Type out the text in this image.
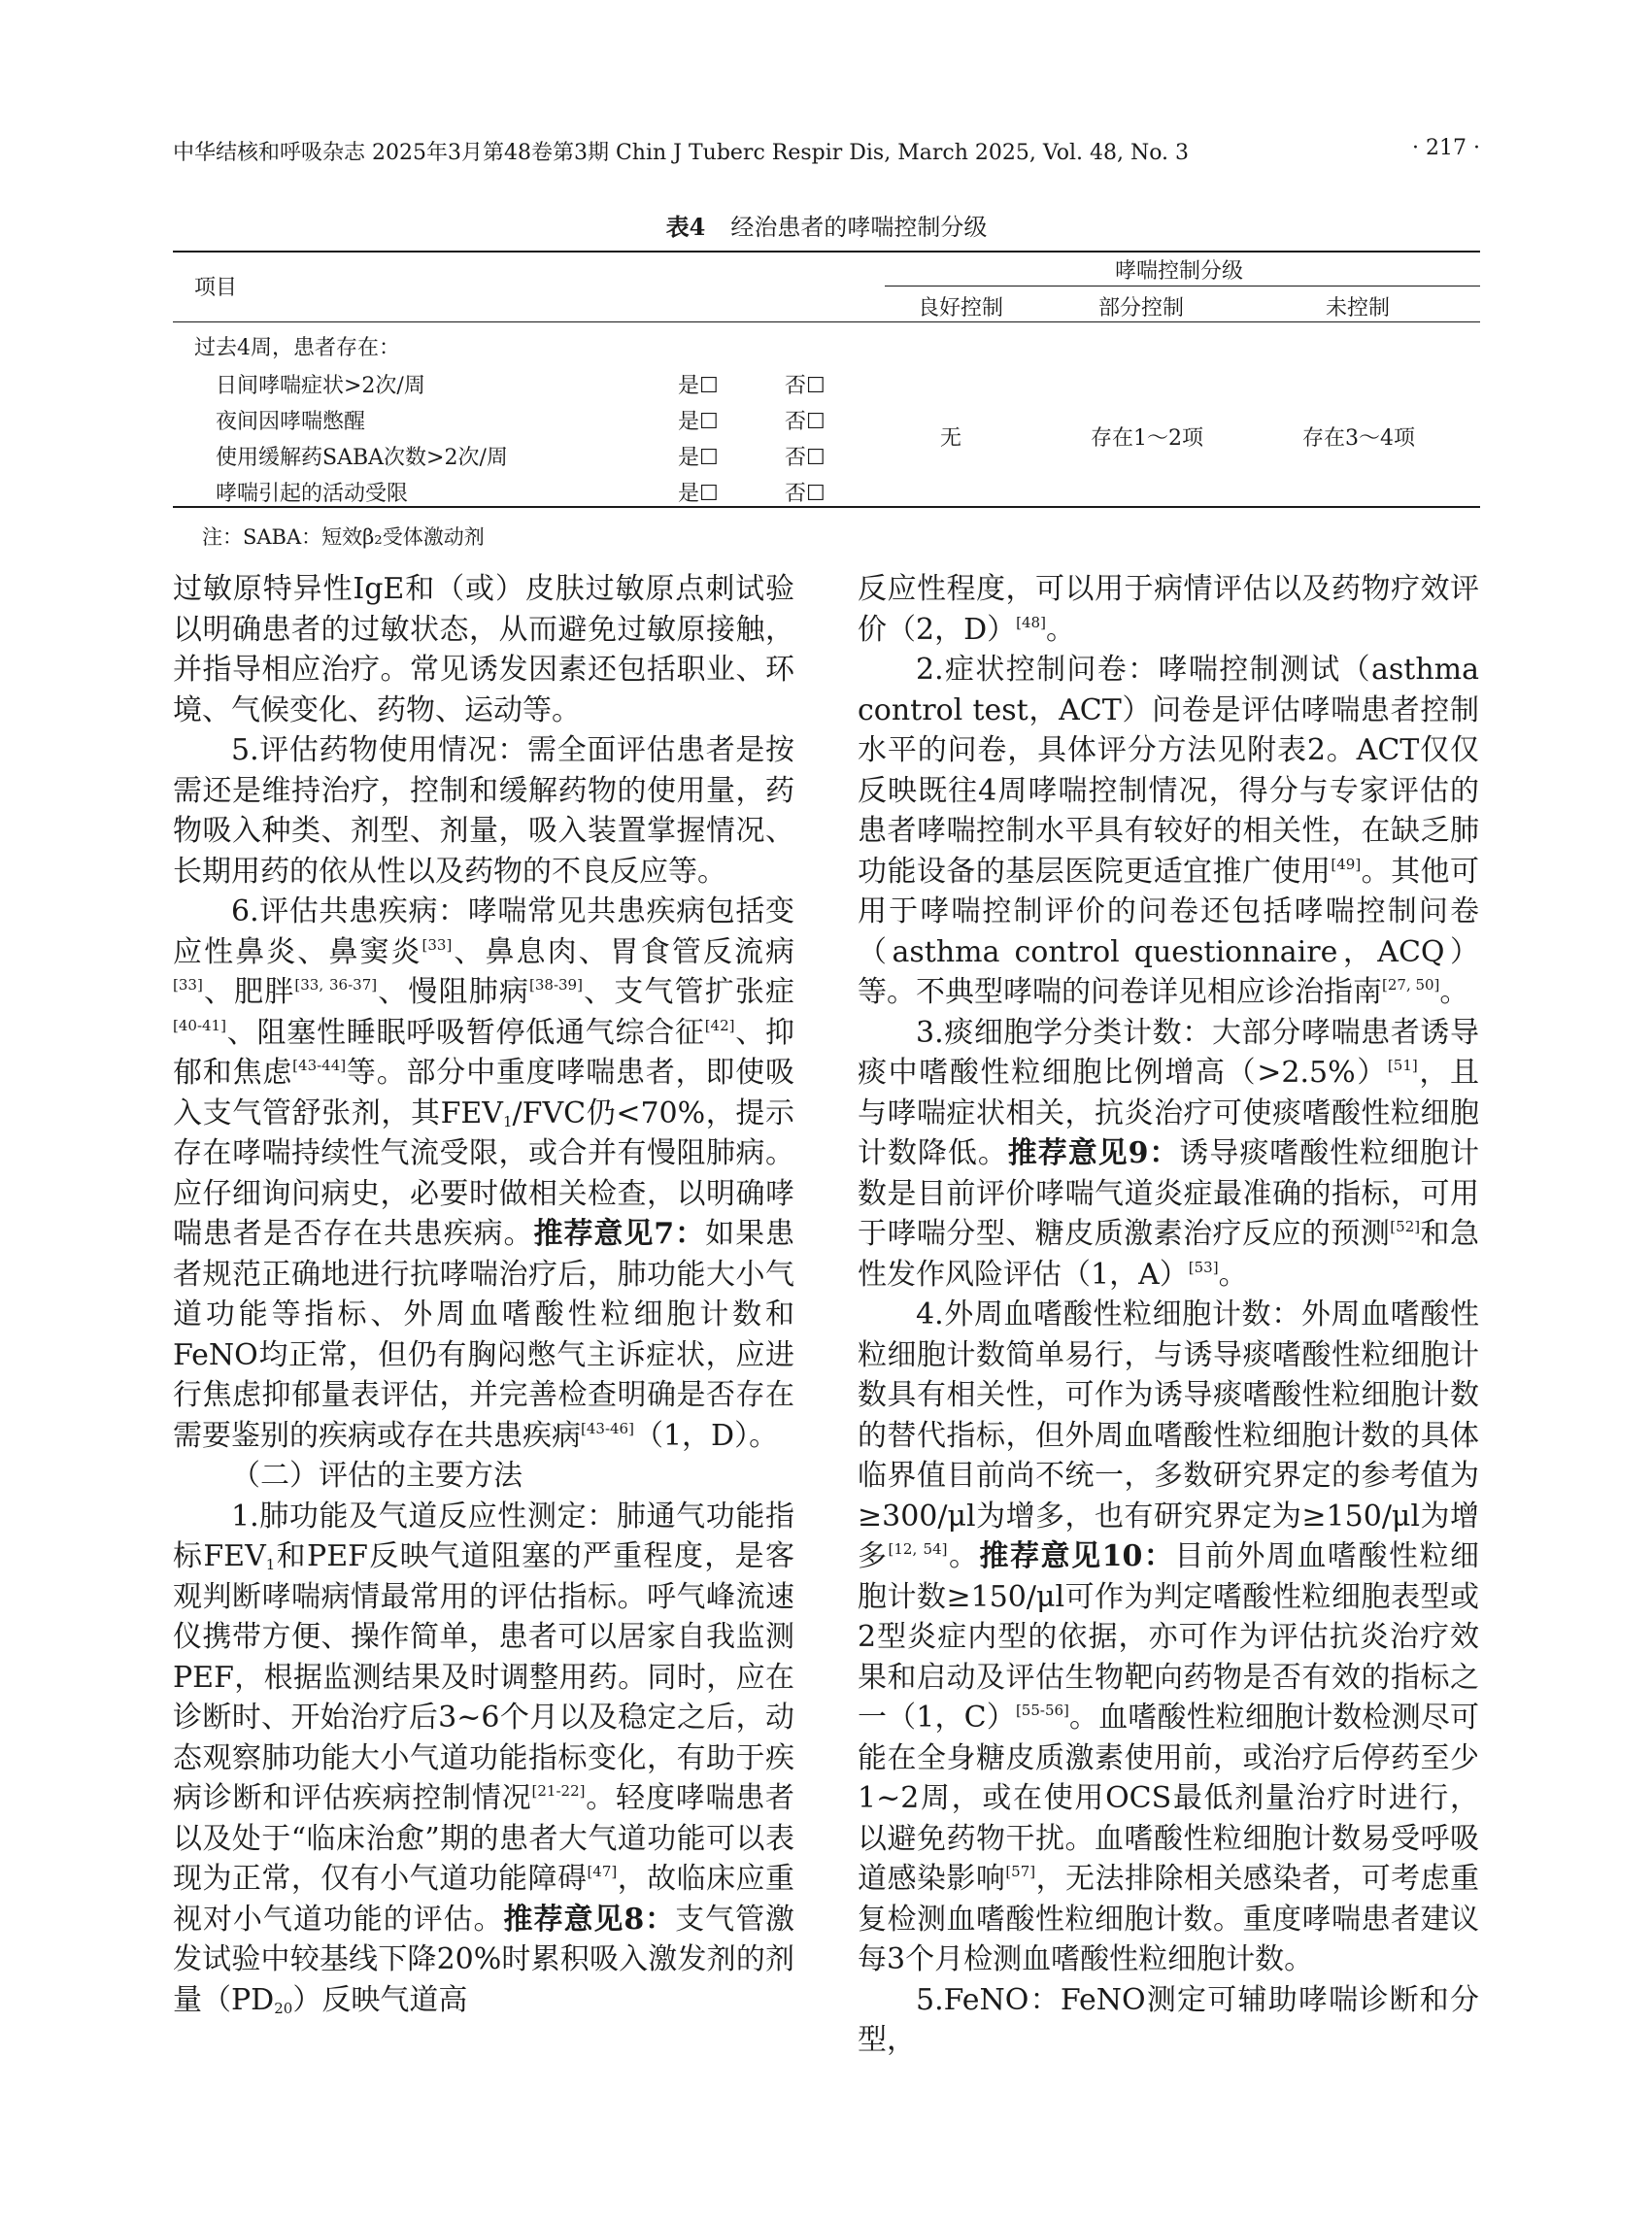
中华结核和呼吸杂志 2025年3月第48卷第3期 Chin J Tuberc Respir Dis, March 2025, Vol. 48, No. 3	· 217 ·
表4 经治患者的哮喘控制分级
项目
哮喘控制分级
良好控制	部分控制	未控制
过去4周，患者存在：
日间哮喘症状>2次/周	是☐	否☐
夜间因哮喘憋醒	是☐	否☐
使用缓解药SABA次数>2次/周	是☐	否☐
哮喘引起的活动受限	是☐	否☐
无	存在1～2项	存在3～4项
注：SABA：短效β₂受体激动剂

过敏原特异性IgE和（或）皮肤过敏原点刺试验以明确患者的过敏状态，从而避免过敏原接触，并指导相应治疗。常见诱发因素还包括职业、环境、气候变化、药物、运动等。

5.评估药物使用情况：需全面评估患者是按需还是维持治疗，控制和缓解药物的使用量，药物吸入种类、剂型、剂量，吸入装置掌握情况、长期用药的依从性以及药物的不良反应等。

6.评估共患疾病：哮喘常见共患疾病包括变应性鼻炎、鼻窦炎[33]、鼻息肉、胃食管反流病[33]、肥胖[33, 36-37]、慢阻肺病[38-39]、支气管扩张症[40-41]、阻塞性睡眠呼吸暂停低通气综合征[42]、抑郁和焦虑[43-44]等。部分中重度哮喘患者，即使吸入支气管舒张剂，其$FEV_1$/FVC仍<70%，提示存在哮喘持续性气流受限，或合并有慢阻肺病。应仔细询问病史，必要时做相关检查，以明确哮喘患者是否存在共患疾病。推荐意见7：如果患者规范正确地进行抗哮喘治疗后，肺功能大小气道功能等指标、外周血嗜酸性粒细胞计数和FeNO均正常，但仍有胸闷憋气主诉症状，应进行焦虑抑郁量表评估，并完善检查明确是否存在需要鉴别的疾病或存在共患疾病[43-46]（1，D）。

（二）评估的主要方法

1.肺功能及气道反应性测定：肺通气功能指标$FEV_1$和PEF反映气道阻塞的严重程度，是客观判断哮喘病情最常用的评估指标。呼气峰流速仪携带方便、操作简单，患者可以居家自我监测PEF，根据监测结果及时调整用药。同时，应在诊断时、开始治疗后3~6个月以及稳定之后，动态观察肺功能大小气道功能指标变化，有助于疾病诊断和评估疾病控制情况[21-22]。轻度哮喘患者以及处于“临床治愈”期的患者大气道功能可以表现为正常，仅有小气道功能障碍[47]，故临床应重视对小气道功能的评估。推荐意见8：支气管激发试验中较基线下降20%时累积吸入激发剂的剂量$(PD_{20})$反映气道高

反应性程度，可以用于病情评估以及药物疗效评价（2，D）[48]。

2.症状控制问卷：哮喘控制测试（asthma control test，ACT）问卷是评估哮喘患者控制水平的问卷，具体评分方法见附表2。ACT仅仅反映既往4周哮喘控制情况，得分与专家评估的患者哮喘控制水平具有较好的相关性，在缺乏肺功能设备的基层医院更适宜推广使用[49]。其他可用于哮喘控制评价的问卷还包括哮喘控制问卷（asthma control questionnaire，ACQ）等。不典型哮喘的问卷详见相应诊治指南[27, 50]。

3.痰细胞学分类计数：大部分哮喘患者诱导痰中嗜酸性粒细胞比例增高（>2.5%）[51]，且与哮喘症状相关，抗炎治疗可使痰嗜酸性粒细胞计数降低。推荐意见9：诱导痰嗜酸性粒细胞计数是目前评价哮喘气道炎症最准确的指标，可用于哮喘分型、糖皮质激素治疗反应的预测[52]和急性发作风险评估（1，A）[53]。

4.外周血嗜酸性粒细胞计数：外周血嗜酸性粒细胞计数简单易行，与诱导痰嗜酸性粒细胞计数具有相关性，可作为诱导痰嗜酸性粒细胞计数的替代指标，但外周血嗜酸性粒细胞计数的具体临界值目前尚不统一，多数研究界定的参考值为≥300/μl为增多，也有研究界定为≥150/μl为增多[12, 54]。推荐意见10：目前外周血嗜酸性粒细胞计数≥150/μl可作为判定嗜酸性粒细胞表型或2型炎症内型的依据，亦可作为评估抗炎治疗效果和启动及评估生物靶向药物是否有效的指标之一（1，C）[55-56]。血嗜酸性粒细胞计数检测尽可能在全身糖皮质激素使用前，或治疗后停药至少1~2周，或在使用OCS最低剂量治疗时进行，以避免药物干扰。血嗜酸性粒细胞计数易受呼吸道感染影响[57]，无法排除相关感染者，可考虑重复检测血嗜酸性粒细胞计数。重度哮喘患者建议每3个月检测血嗜酸性粒细胞计数。

5.FeNO：FeNO测定可辅助哮喘诊断和分型，
